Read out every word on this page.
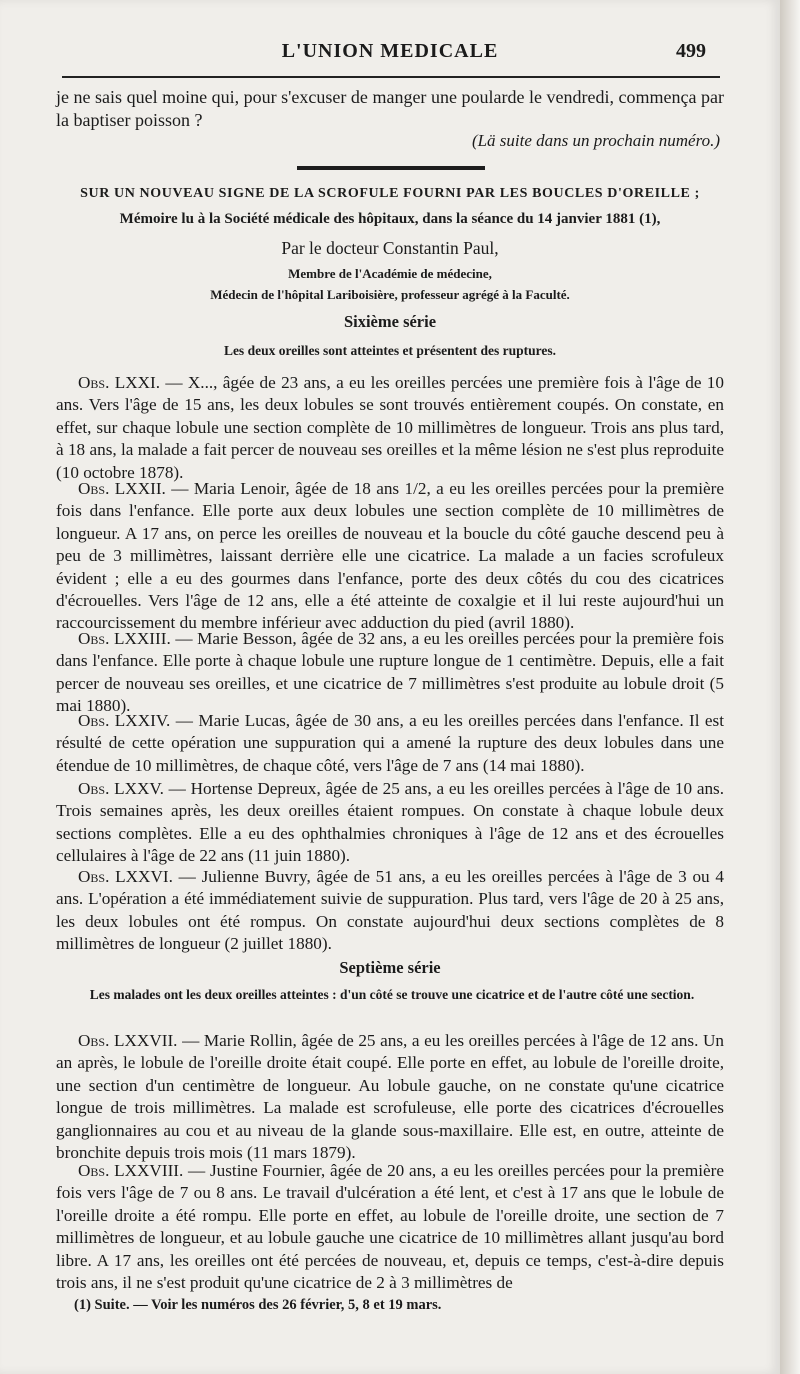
L'UNION MEDICALE	499

je ne sais quel moine qui, pour s'excuser de manger une poularde le vendredi, commença par la baptiser poisson ?

(Lä suite dans un prochain numéro.)
SUR UN NOUVEAU SIGNE DE LA SCROFULE FOURNI PAR LES BOUCLES D'OREILLE ;
Mémoire lu à la Société médicale des hôpitaux, dans la séance du 14 janvier 1881 (1),
Par le docteur Constantin Paul,
Membre de l'Académie de médecine,
Médecin de l'hôpital Lariboisière, professeur agrégé à la Faculté.
Sixième série
Les deux oreilles sont atteintes et présentent des ruptures.

Obs. LXXI. — X..., âgée de 23 ans, a eu les oreilles percées une première fois à l'âge de 10 ans. Vers l'âge de 15 ans, les deux lobules se sont trouvés entièrement coupés. On constate, en effet, sur chaque lobule une section complète de 10 millimètres de longueur. Trois ans plus tard, à 18 ans, la malade a fait percer de nouveau ses oreilles et la même lésion ne s'est plus reproduite (10 octobre 1878).

Obs. LXXII. — Maria Lenoir, âgée de 18 ans 1/2, a eu les oreilles percées pour la première fois dans l'enfance. Elle porte aux deux lobules une section complète de 10 millimètres de longueur. A 17 ans, on perce les oreilles de nouveau et la boucle du côté gauche descend peu à peu de 3 millimètres, laissant derrière elle une cicatrice. La malade a un facies scrofuleux évident ; elle a eu des gourmes dans l'enfance, porte des deux côtés du cou des cicatrices d'écrouelles. Vers l'âge de 12 ans, elle a été atteinte de coxalgie et il lui reste aujourd'hui un raccourcissement du membre inférieur avec adduction du pied (avril 1880).

Obs. LXXIII. — Marie Besson, âgée de 32 ans, a eu les oreilles percées pour la première fois dans l'enfance. Elle porte à chaque lobule une rupture longue de 1 centimètre. Depuis, elle a fait percer de nouveau ses oreilles, et une cicatrice de 7 millimètres s'est produite au lobule droit (5 mai 1880).

Obs. LXXIV. — Marie Lucas, âgée de 30 ans, a eu les oreilles percées dans l'enfance. Il est résulté de cette opération une suppuration qui a amené la rupture des deux lobules dans une étendue de 10 millimètres, de chaque côté, vers l'âge de 7 ans (14 mai 1880).

Obs. LXXV. — Hortense Depreux, âgée de 25 ans, a eu les oreilles percées à l'âge de 10 ans. Trois semaines après, les deux oreilles étaient rompues. On constate à chaque lobule deux sections complètes. Elle a eu des ophthalmies chroniques à l'âge de 12 ans et des écrouelles cellulaires à l'âge de 22 ans (11 juin 1880).

Obs. LXXVI. — Julienne Buvry, âgée de 51 ans, a eu les oreilles percées à l'âge de 3 ou 4 ans. L'opération a été immédiatement suivie de suppuration. Plus tard, vers l'âge de 20 à 25 ans, les deux lobules ont été rompus. On constate aujourd'hui deux sections complètes de 8 millimètres de longueur (2 juillet 1880).

Septième série
Les malades ont les deux oreilles atteintes : d'un côté se trouve une cicatrice et de l'autre côté une section.

Obs. LXXVII. — Marie Rollin, âgée de 25 ans, a eu les oreilles percées à l'âge de 12 ans. Un an après, le lobule de l'oreille droite était coupé. Elle porte en effet, au lobule de l'oreille droite, une section d'un centimètre de longueur. Au lobule gauche, on ne constate qu'une cicatrice longue de trois millimètres. La malade est scrofuleuse, elle porte des cicatrices d'écrouelles ganglionnaires au cou et au niveau de la glande sous-maxillaire. Elle est, en outre, atteinte de bronchite depuis trois mois (11 mars 1879).

Obs. LXXVIII. — Justine Fournier, âgée de 20 ans, a eu les oreilles percées pour la première fois vers l'âge de 7 ou 8 ans. Le travail d'ulcération a été lent, et c'est à 17 ans que le lobule de l'oreille droite a été rompu. Elle porte en effet, au lobule de l'oreille droite, une section de 7 millimètres de longueur, et au lobule gauche une cicatrice de 10 millimètres allant jusqu'au bord libre. A 17 ans, les oreilles ont été percées de nouveau, et, depuis ce temps, c'est-à-dire depuis trois ans, il ne s'est produit qu'une cicatrice de 2 à 3 millimètres de

(1) Suite. — Voir les numéros des 26 février, 5, 8 et 19 mars.
